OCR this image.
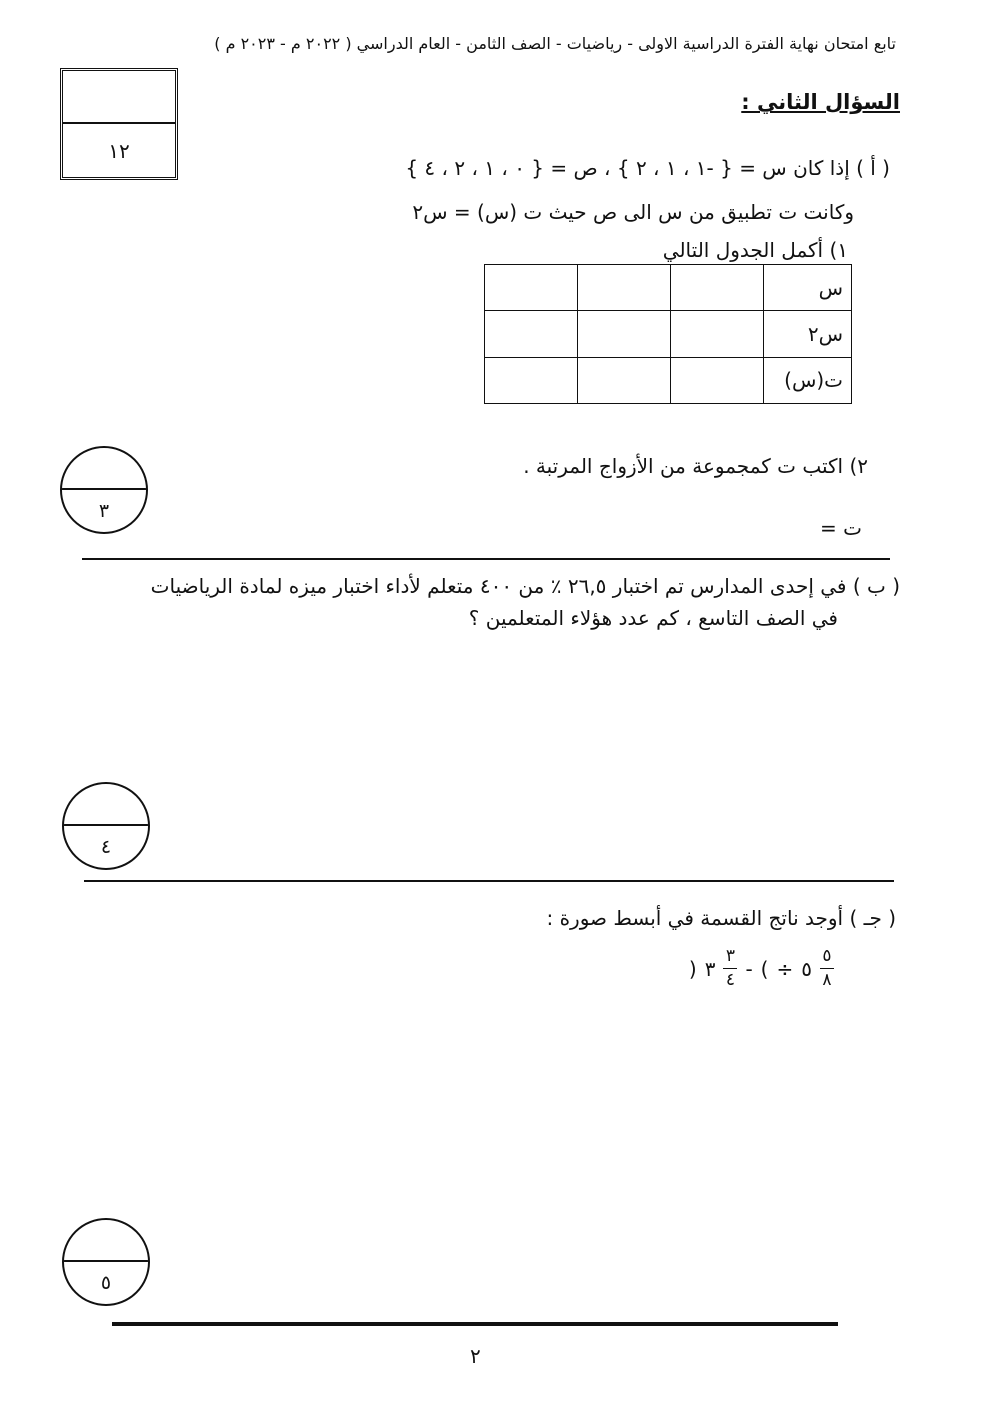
تابع امتحان نهاية الفترة الدراسية الاولى - رياضيات - الصف الثامن - العام الدراسي ( ٢٠٢٢ م - ٢٠٢٣ م )
السؤال الثاني :
١٢
( أ ) إذا كان س = { -١ ، ١ ، ٢ } ، ص = { ٠ ، ١ ، ٢ ، ٤ }
وكانت ت تطبيق من س الى ص حيث ت (س) = س٢
١) أكمل الجدول التالي
س			
س٢			
ت(س)			
٢) اكتب ت كمجموعة من الأزواج المرتبة .
ت =
٣
( ب ) في إحدى المدارس تم اختبار ٢٦,٥ ٪ من ٤٠٠ متعلم لأداء اختبار ميزه لمادة الرياضيات
في الصف التاسع ، كم عدد هؤلاء المتعلمين ؟
٤
( جـ ) أوجد ناتج القسمة في أبسط صورة :
) ٣ $\frac{٣}{٤}$ - ( ÷ ٥ $\frac{٥}{٨}$
٥
٢
